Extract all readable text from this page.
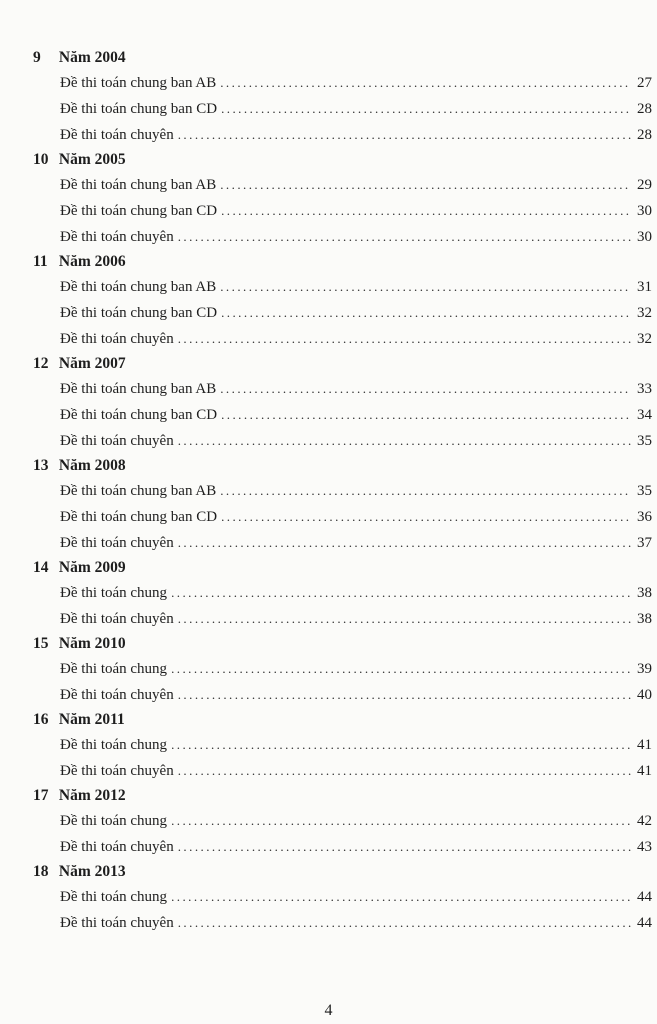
9 Năm 2004
Đề thi toán chung ban AB . . .	27
Đề thi toán chung ban CD . . .	28
Đề thi toán chuyên . . .	28
10 Năm 2005
Đề thi toán chung ban AB . . .	29
Đề thi toán chung ban CD . . .	30
Đề thi toán chuyên . . .	30
11 Năm 2006
Đề thi toán chung ban AB . . .	31
Đề thi toán chung ban CD . . .	32
Đề thi toán chuyên . . .	32
12 Năm 2007
Đề thi toán chung ban AB . . .	33
Đề thi toán chung ban CD . . .	34
Đề thi toán chuyên . . .	35
13 Năm 2008
Đề thi toán chung ban AB . . .	35
Đề thi toán chung ban CD . . .	36
Đề thi toán chuyên . . .	37
14 Năm 2009
Đề thi toán chung . . .	38
Đề thi toán chuyên . . .	38
15 Năm 2010
Đề thi toán chung . . .	39
Đề thi toán chuyên . . .	40
16 Năm 2011
Đề thi toán chung . . .	41
Đề thi toán chuyên . . .	41
17 Năm 2012
Đề thi toán chung . . .	42
Đề thi toán chuyên . . .	43
18 Năm 2013
Đề thi toán chung . . .	44
Đề thi toán chuyên . . .	44
4
